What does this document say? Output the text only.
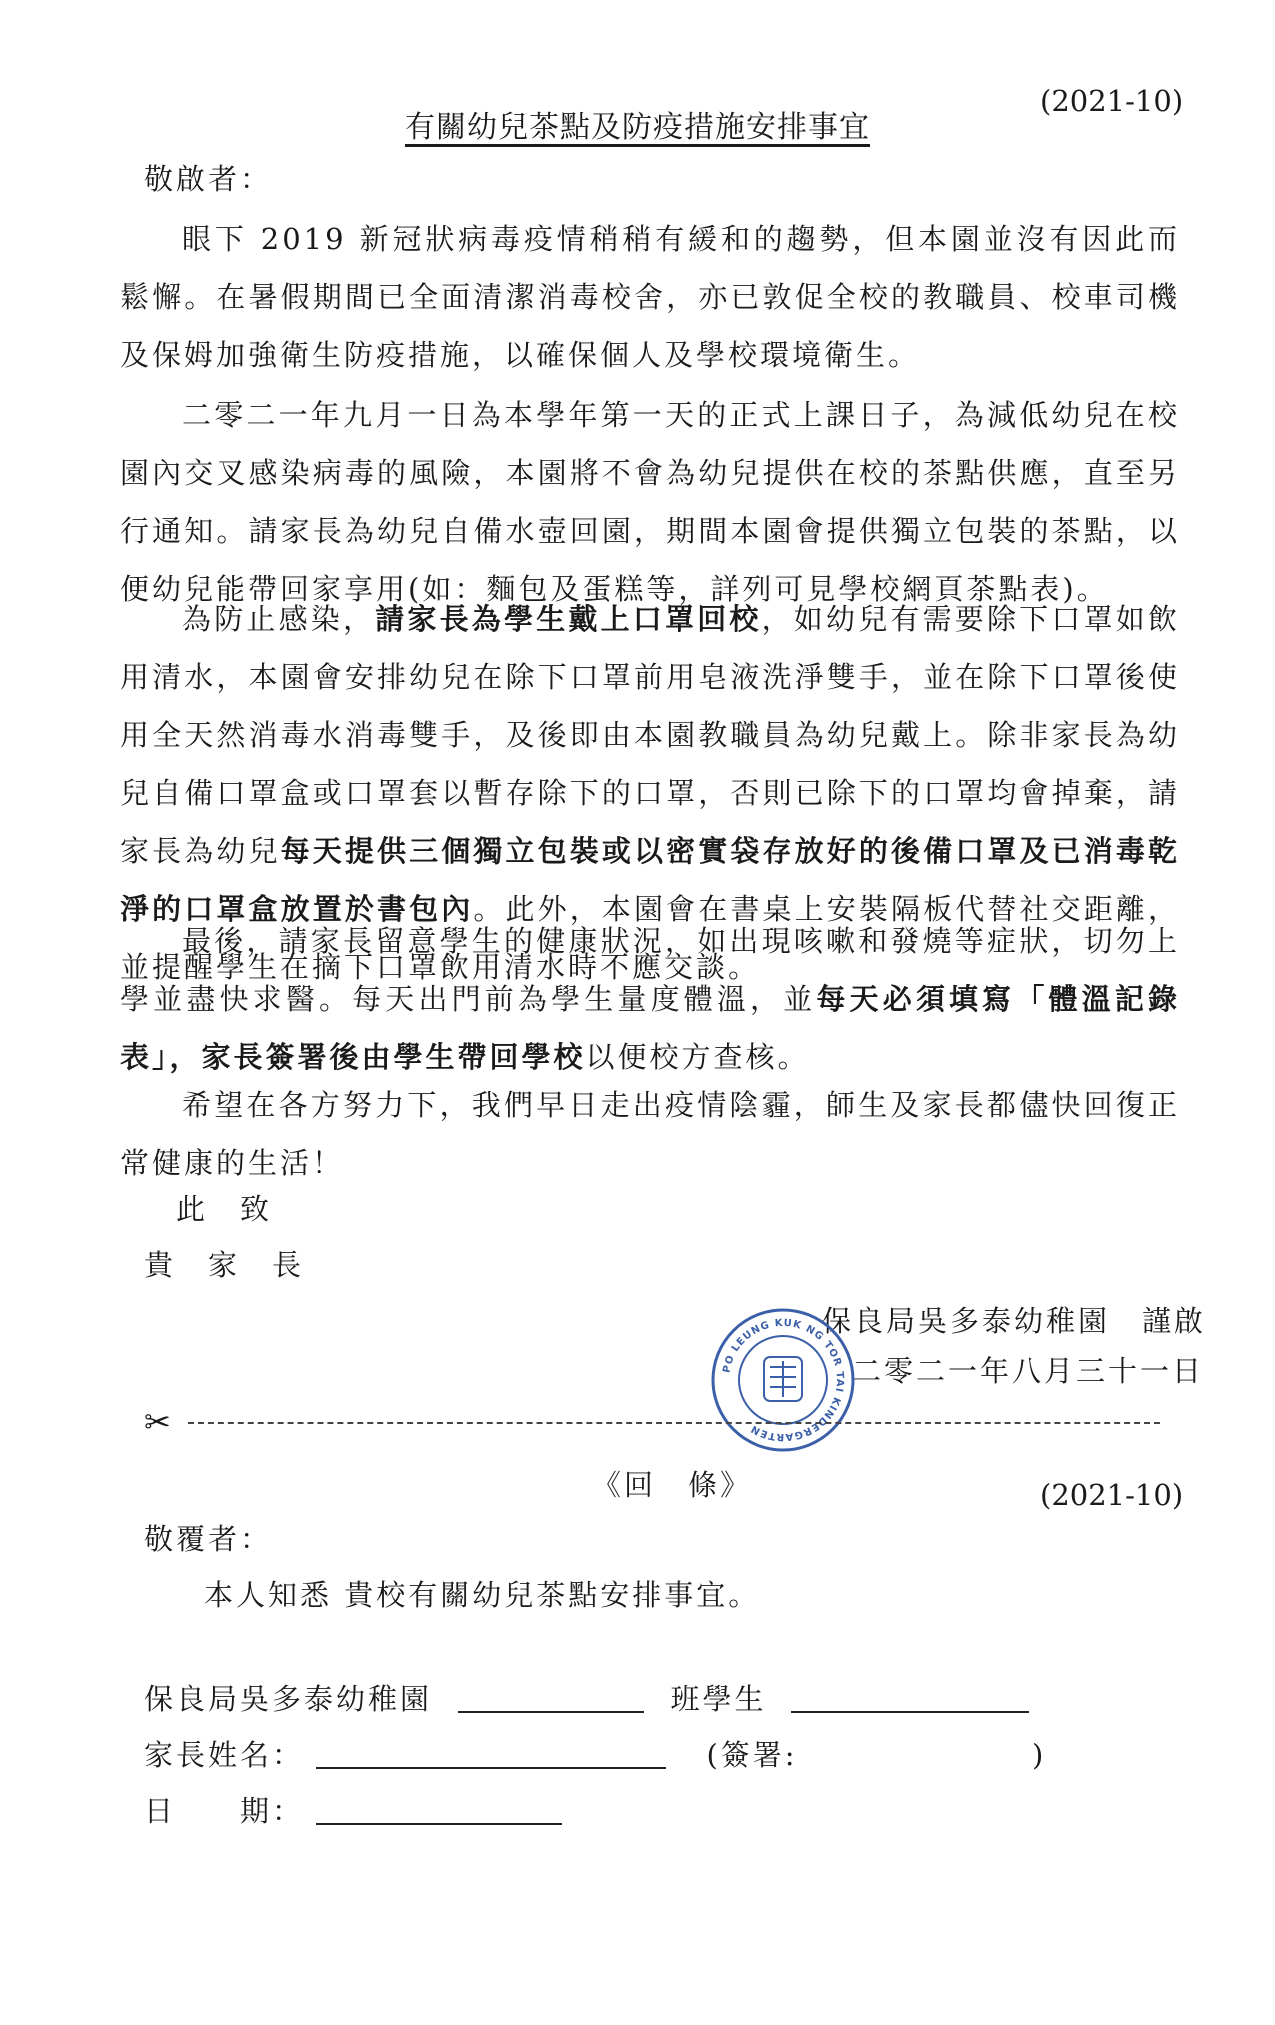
有關幼兒茶點及防疫措施安排事宜
(2021-10)
敬啟者：
眼下 2019 新冠狀病毒疫情稍稍有緩和的趨勢，但本園並沒有因此而鬆懈。在暑假期間已全面清潔消毒校舍，亦已敦促全校的教職員、校車司機及保姆加強衛生防疫措施，以確保個人及學校環境衛生。
二零二一年九月一日為本學年第一天的正式上課日子，為減低幼兒在校園內交叉感染病毒的風險，本園將不會為幼兒提供在校的茶點供應，直至另行通知。請家長為幼兒自備水壺回園，期間本園會提供獨立包裝的茶點，以便幼兒能帶回家享用(如：麵包及蛋糕等，詳列可見學校網頁茶點表)。
為防止感染，請家長為學生戴上口罩回校，如幼兒有需要除下口罩如飲用清水，本園會安排幼兒在除下口罩前用皂液洗淨雙手，並在除下口罩後使用全天然消毒水消毒雙手，及後即由本園教職員為幼兒戴上。除非家長為幼兒自備口罩盒或口罩套以暫存除下的口罩，否則已除下的口罩均會掉棄，請家長為幼兒每天提供三個獨立包裝或以密實袋存放好的後備口罩及已消毒乾淨的口罩盒放置於書包內。此外，本園會在書桌上安裝隔板代替社交距離，並提醒學生在摘下口罩飲用清水時不應交談。
最後，請家長留意學生的健康狀況，如出現咳嗽和發燒等症狀，切勿上學並盡快求醫。每天出門前為學生量度體溫，並每天必須填寫「體溫記錄表」，家長簽署後由學生帶回學校以便校方查核。
希望在各方努力下，我們早日走出疫情陰霾，師生及家長都儘快回復正常健康的生活！
此　致
貴　家　長
保良局吳多泰幼稚園　謹啟
二零二一年八月三十一日
PO LEUNG KUK NG TOR TAI KINDERGARTEN
✂
《回　條》	(2021-10)
敬覆者：
本人知悉 貴校有關幼兒茶點安排事宜。
保良局吳多泰幼稚園	班學生
家長姓名：	(簽署:	)
日　　期：
